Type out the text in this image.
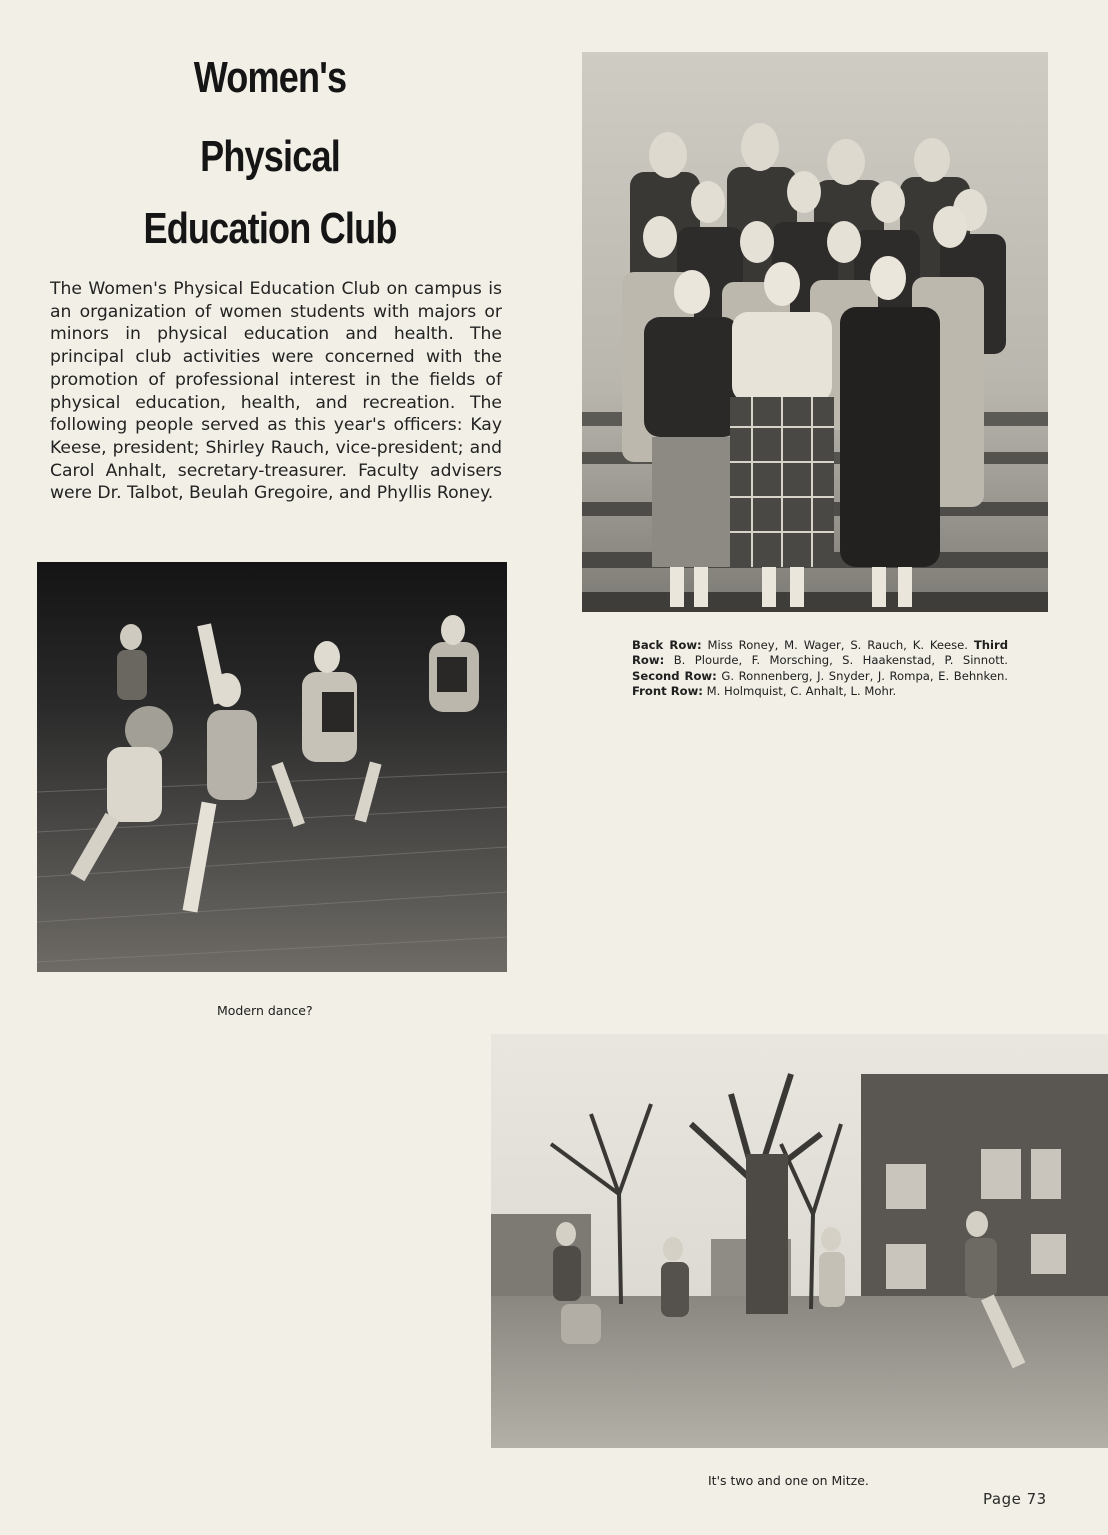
Women's
Physical
Education Club
The Women's Physical Education Club on campus is an organization of women students with majors or minors in physical education and health. The principal club activities were concerned with the promotion of professional interest in the fields of physical education, health, and recreation. The following people served as this year's officers: Kay Keese, president; Shirley Rauch, vice-president; and Carol Anhalt, secretary-treasurer. Faculty advisers were Dr. Talbot, Beulah Gregoire, and Phyllis Roney.
Back Row: Miss Roney, M. Wager, S. Rauch, K. Keese. Third Row: B. Plourde, F. Morsching, S. Haakenstad, P. Sinnott. Second Row: G. Ronnenberg, J. Snyder, J. Rompa, E. Behnken. Front Row: M. Holmquist, C. Anhalt, L. Mohr.
Modern dance?
It's two and one on Mitze.
Page 73
